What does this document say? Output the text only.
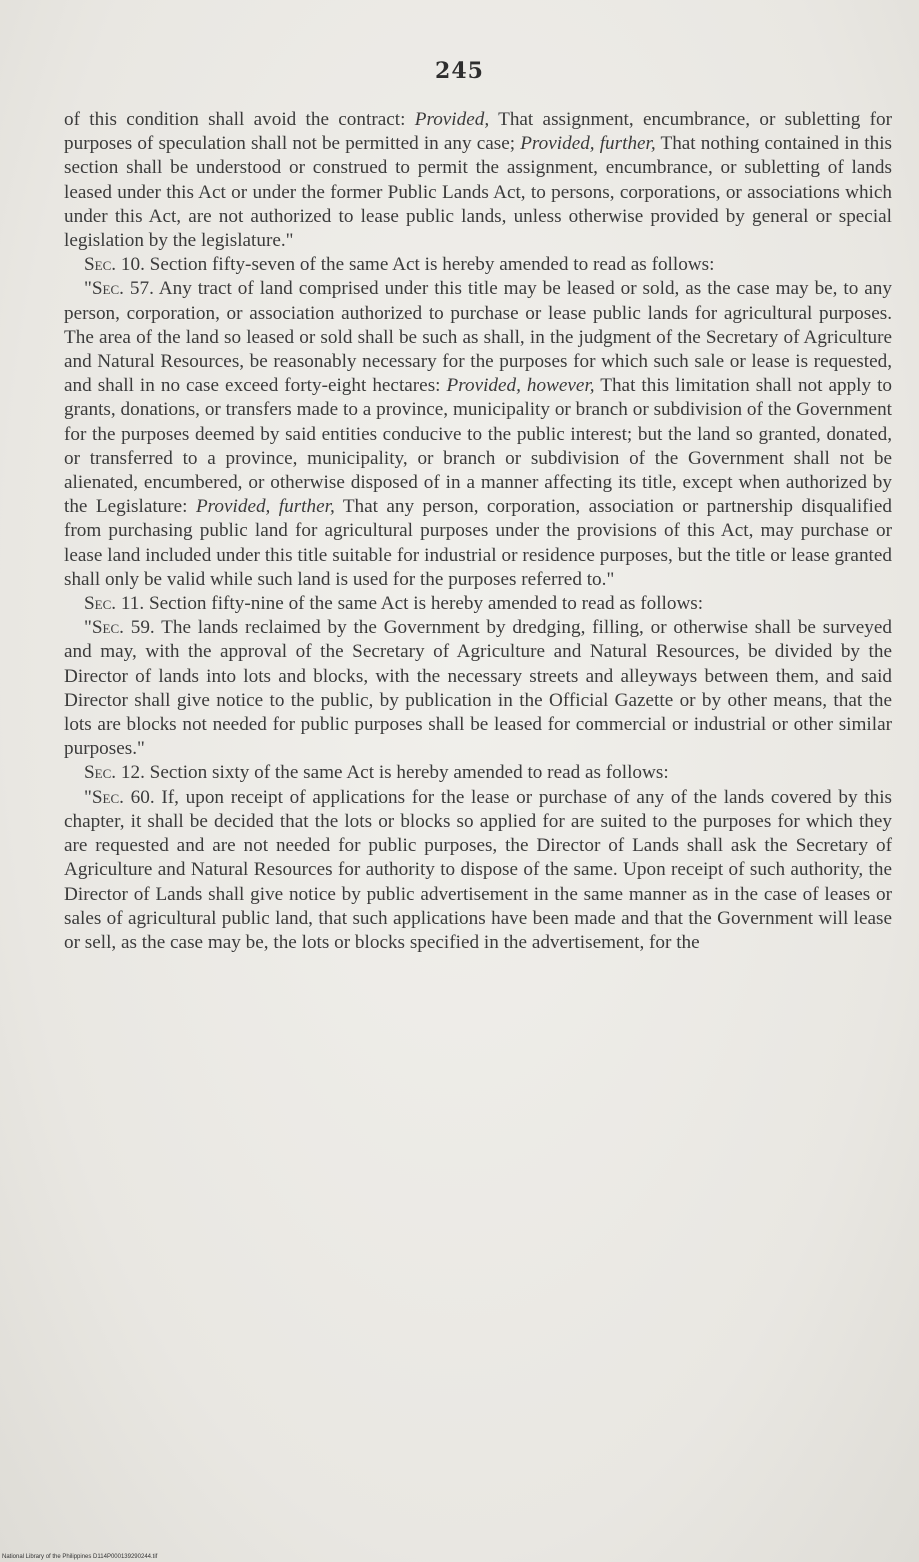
245

of this condition shall avoid the contract: Provided, That assignment, encumbrance, or subletting for purposes of speculation shall not be permitted in any case; Provided, further, That nothing contained in this section shall be understood or construed to permit the assignment, encumbrance, or subletting of lands leased under this Act or under the former Public Lands Act, to persons, corporations, or associations which under this Act, are not authorized to lease public lands, unless otherwise provided by general or special legislation by the legislature."

Sec. 10. Section fifty-seven of the same Act is hereby amended to read as follows:

"Sec. 57. Any tract of land comprised under this title may be leased or sold, as the case may be, to any person, corporation, or association authorized to purchase or lease public lands for agricultural purposes. The area of the land so leased or sold shall be such as shall, in the judgment of the Secretary of Agriculture and Natural Resources, be reasonably necessary for the purposes for which such sale or lease is requested, and shall in no case exceed forty-eight hectares: Provided, however, That this limitation shall not apply to grants, donations, or transfers made to a province, municipality or branch or subdivision of the Government for the purposes deemed by said entities conducive to the public interest; but the land so granted, donated, or transferred to a province, municipality, or branch or subdivision of the Government shall not be alienated, encumbered, or otherwise disposed of in a manner affecting its title, except when authorized by the Legislature: Provided, further, That any person, corporation, association or partnership disqualified from purchasing public land for agricultural purposes under the provisions of this Act, may purchase or lease land included under this title suitable for industrial or residence purposes, but the title or lease granted shall only be valid while such land is used for the purposes referred to."

Sec. 11. Section fifty-nine of the same Act is hereby amended to read as follows:

"Sec. 59. The lands reclaimed by the Government by dredging, filling, or otherwise shall be surveyed and may, with the approval of the Secretary of Agriculture and Natural Resources, be divided by the Director of lands into lots and blocks, with the necessary streets and alleyways between them, and said Director shall give notice to the public, by publication in the Official Gazette or by other means, that the lots are blocks not needed for public purposes shall be leased for commercial or industrial or other similar purposes."

Sec. 12. Section sixty of the same Act is hereby amended to read as follows:

"Sec. 60. If, upon receipt of applications for the lease or purchase of any of the lands covered by this chapter, it shall be decided that the lots or blocks so applied for are suited to the purposes for which they are requested and are not needed for public purposes, the Director of Lands shall ask the Secretary of Agriculture and Natural Resources for authority to dispose of the same. Upon receipt of such authority, the Director of Lands shall give notice by public advertisement in the same manner as in the case of leases or sales of agricultural public land, that such applications have been made and that the Government will lease or sell, as the case may be, the lots or blocks specified in the advertisement, for the

National Library of the Philippines D114P000139290244.tif
